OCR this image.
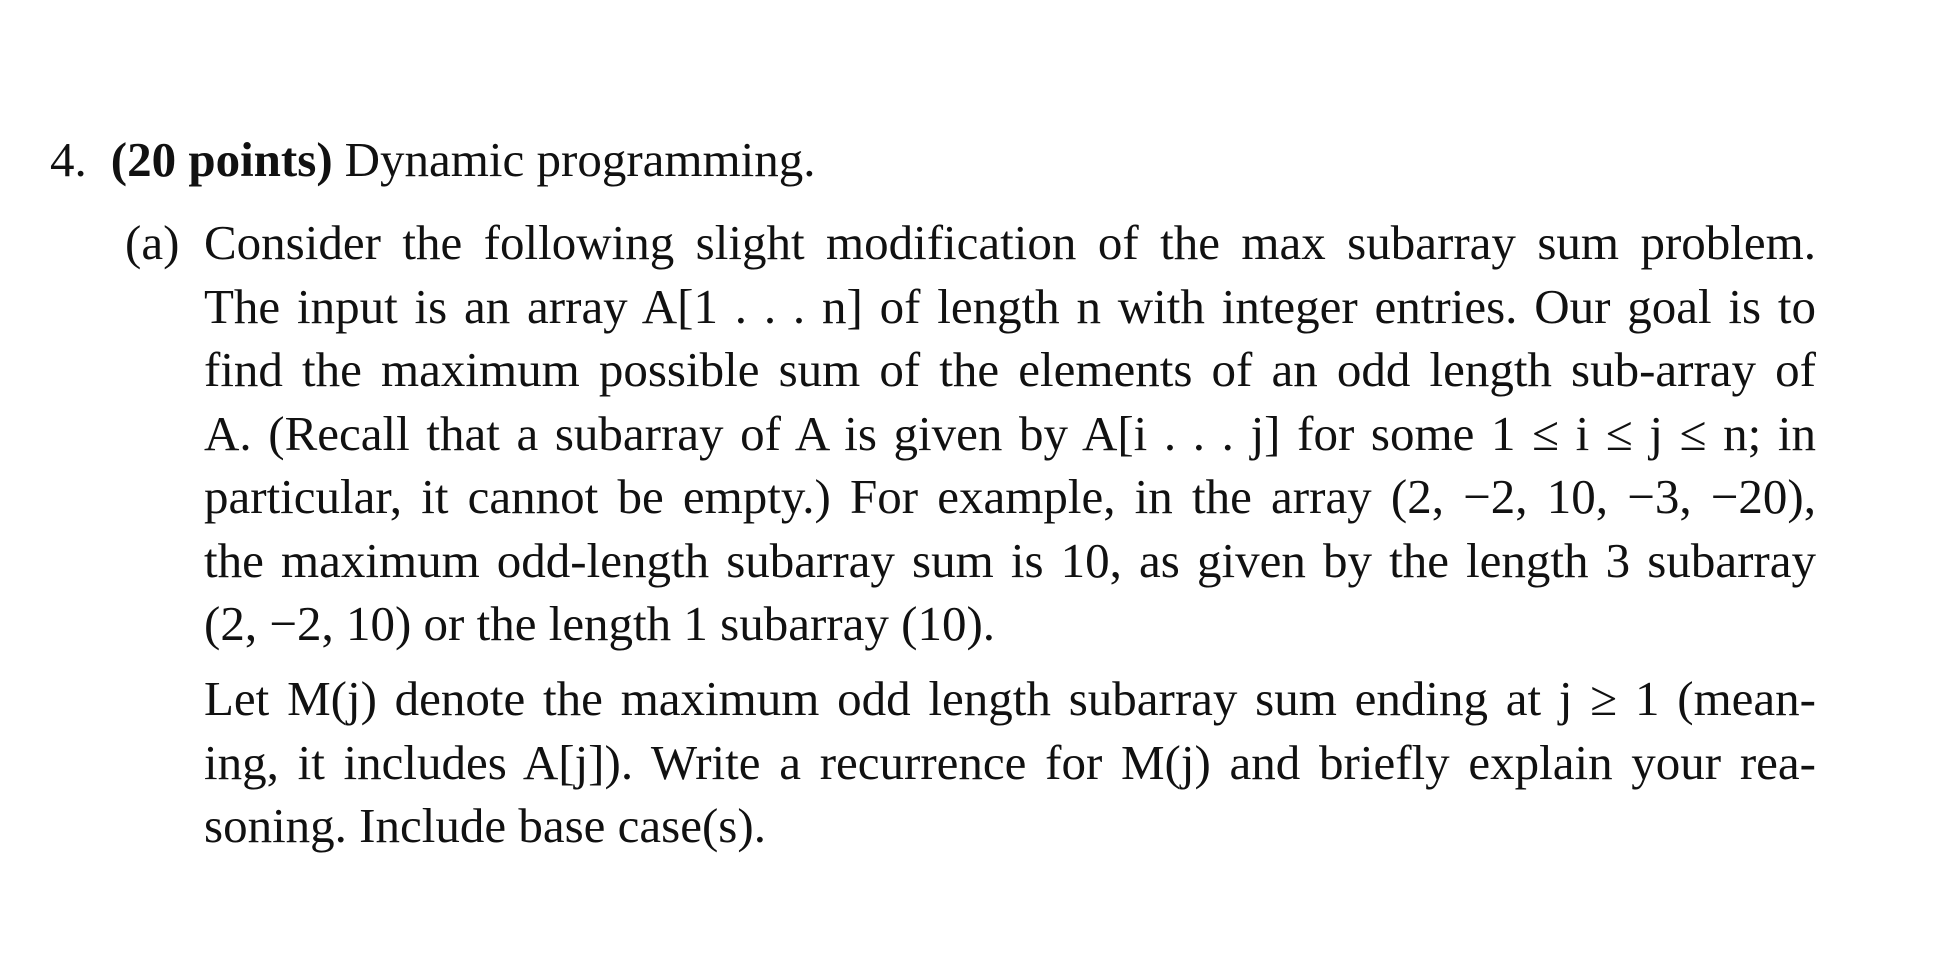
4. (20 points) Dynamic programming.
(a) Consider the following slight modification of the max subarray sum problem.
The input is an array A[1 . . . n] of length n with integer entries. Our goal is to
find the maximum possible sum of the elements of an odd length sub-array of
A. (Recall that a subarray of A is given by A[i . . . j] for some 1 ≤ i ≤ j ≤ n; in
particular, it cannot be empty.) For example, in the array (2, −2, 10, −3, −20),
the maximum odd-length subarray sum is 10, as given by the length 3 subarray
(2, −2, 10) or the length 1 subarray (10).
Let M(j) denote the maximum odd length subarray sum ending at j ≥ 1 (mean-
ing, it includes A[j]). Write a recurrence for M(j) and briefly explain your rea-
soning. Include base case(s).
